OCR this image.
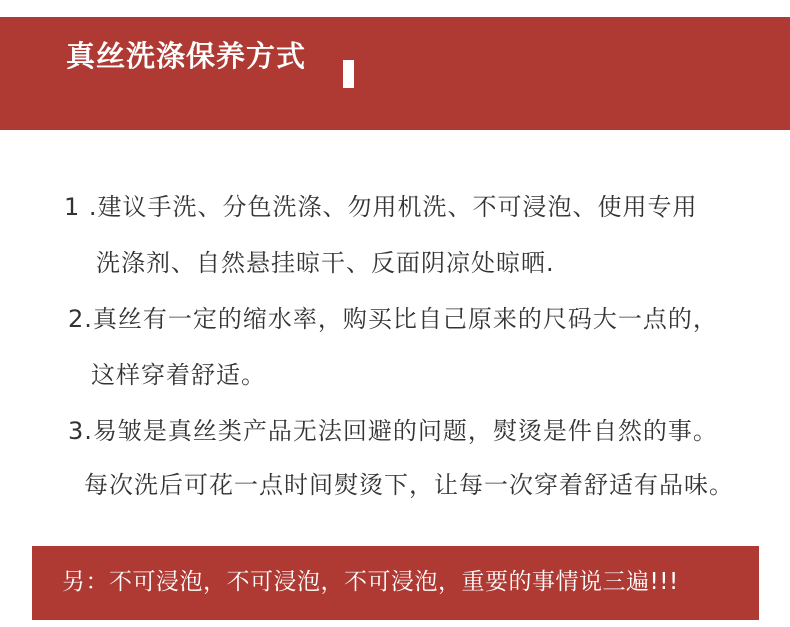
真丝洗涤保养方式
1 .建议手洗、分色洗涤、勿用机洗、不可浸泡、使用专用
洗涤剂、自然悬挂晾干、反面阴凉处晾晒.
2.真丝有一定的缩水率，购买比自己原来的尺码大一点的，
这样穿着舒适。
3.易皱是真丝类产品无法回避的问题，熨烫是件自然的事。
每次洗后可花一点时间熨烫下，让每一次穿着舒适有品味。
另：不可浸泡，不可浸泡，不可浸泡，重要的事情说三遍!!!
